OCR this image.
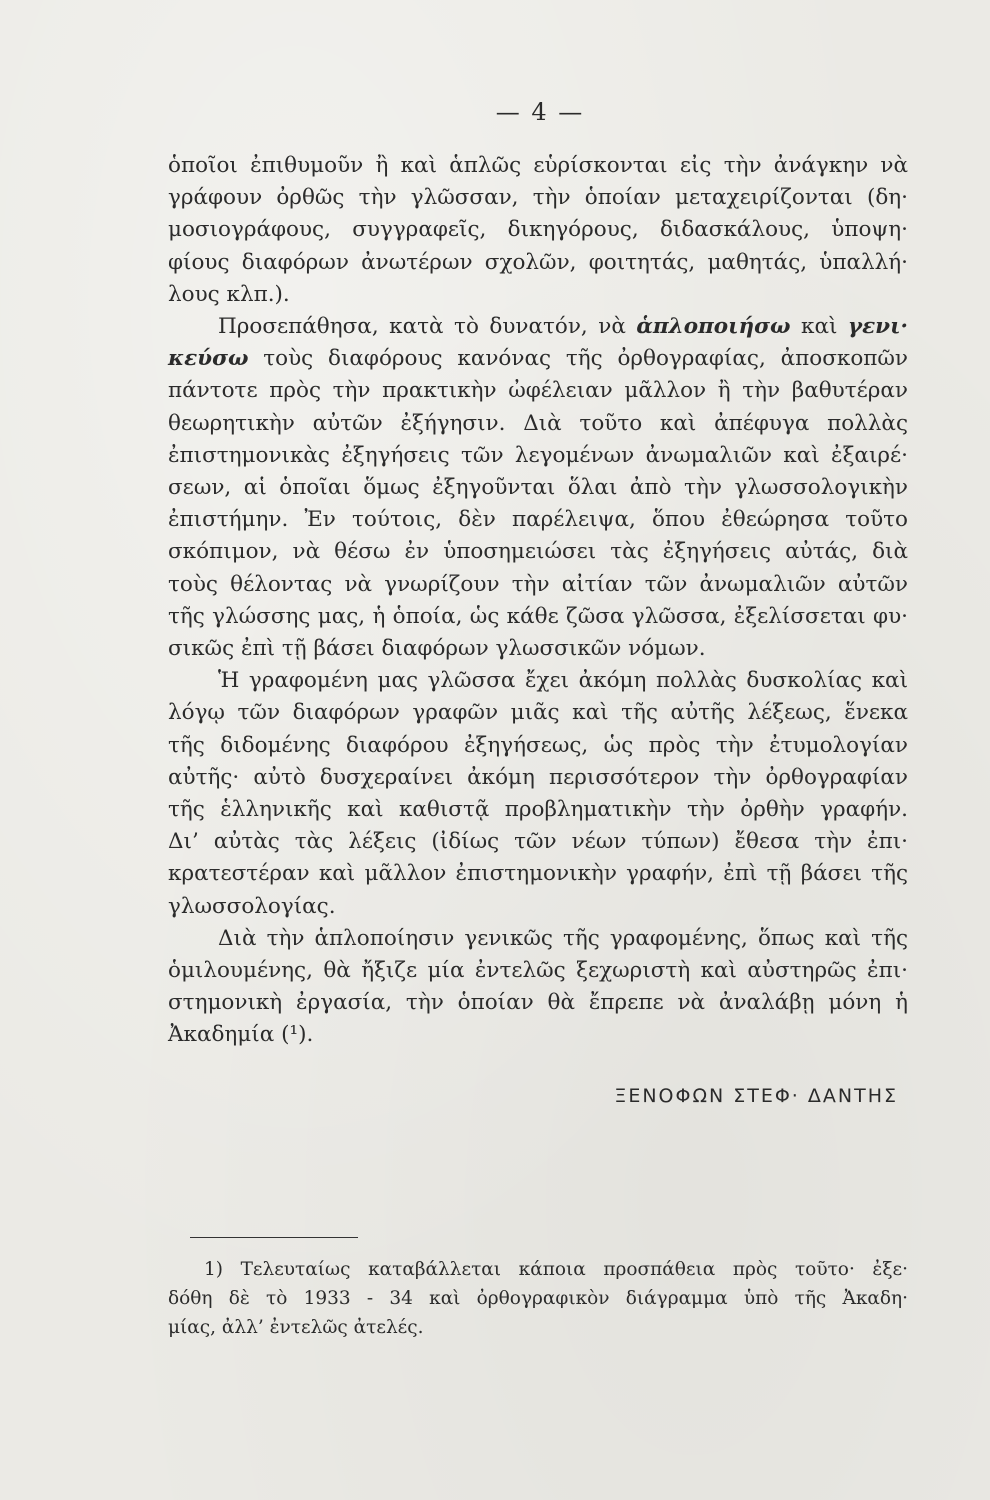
— 4 —

ὁποῖοι ἐπιθυμοῦν ἢ καὶ ἁπλῶς εὑρίσκονται εἰς τὴν ἀνάγκην νὰ
γράφουν ὀρθῶς τὴν γλῶσσαν, τὴν ὁποίαν μεταχειρίζονται (δη·
μοσιογράφους, συγγραφεῖς, δικηγόρους, διδασκάλους, ὑποψη·
φίους διαφόρων ἀνωτέρων σχολῶν, φοιτητάς, μαθητάς, ὑπαλλή·
λους κλπ.).

Προσεπάθησα, κατὰ τὸ δυνατόν, νὰ ἁπλοποιήσω καὶ γενι·
κεύσω τοὺς διαφόρους κανόνας τῆς ὀρθογραφίας, ἀποσκοπῶν
πάντοτε πρὸς τὴν πρακτικὴν ὠφέλειαν μᾶλλον ἢ τὴν βαθυτέραν
θεωρητικὴν αὐτῶν ἐξήγησιν. Διὰ τοῦτο καὶ ἀπέφυγα πολλὰς
ἐπιστημονικὰς ἐξηγήσεις τῶν λεγομένων ἀνωμαλιῶν καὶ ἐξαιρέ·
σεων, αἱ ὁποῖαι ὅμως ἐξηγοῦνται ὅλαι ἀπὸ τὴν γλωσσολογικὴν
ἐπιστήμην. Ἐν τούτοις, δὲν παρέλειψα, ὅπου ἐθεώρησα τοῦτο
σκόπιμον, νὰ θέσω ἐν ὑποσημειώσει τὰς ἐξηγήσεις αὐτάς, διὰ
τοὺς θέλοντας νὰ γνωρίζουν τὴν αἰτίαν τῶν ἀνωμαλιῶν αὐτῶν
τῆς γλώσσης μας, ἡ ὁποία, ὡς κάθε ζῶσα γλῶσσα, ἐξελίσσεται φυ·
σικῶς ἐπὶ τῇ βάσει διαφόρων γλωσσικῶν νόμων.

Ἡ γραφομένη μας γλῶσσα ἔχει ἀκόμη πολλὰς δυσκολίας καὶ
λόγῳ τῶν διαφόρων γραφῶν μιᾶς καὶ τῆς αὐτῆς λέξεως, ἕνεκα
τῆς διδομένης διαφόρου ἐξηγήσεως, ὡς πρὸς τὴν ἐτυμολογίαν
αὐτῆς· αὐτὸ δυσχεραίνει ἀκόμη περισσότερον τὴν ὀρθογραφίαν
τῆς ἑλληνικῆς καὶ καθιστᾷ προβληματικὴν τὴν ὀρθὴν γραφήν.
Δι’ αὐτὰς τὰς λέξεις (ἰδίως τῶν νέων τύπων) ἔθεσα τὴν ἐπι·
κρατεστέραν καὶ μᾶλλον ἐπιστημονικὴν γραφήν, ἐπὶ τῇ βάσει τῆς
γλωσσολογίας.

Διὰ τὴν ἁπλοποίησιν γενικῶς τῆς γραφομένης, ὅπως καὶ τῆς
ὁμιλουμένης, θὰ ἤξιζε μία ἐντελῶς ξεχωριστὴ καὶ αὐστηρῶς ἐπι·
στημονικὴ ἐργασία, τὴν ὁποίαν θὰ ἔπρεπε νὰ ἀναλάβῃ μόνη ἡ
Ἀκαδημία (¹).

ΞΕΝΟΦΩΝ ΣΤΕΦ· ΔΑΝΤΗΣ
1) Τελευταίως καταβάλλεται κάποια προσπάθεια πρὸς τοῦτο· ἐξε·
δόθη δὲ τὸ 1933 - 34 καὶ ὀρθογραφικὸν διάγραμμα ὑπὸ τῆς Ἀκαδη·
μίας, ἀλλ’ ἐντελῶς ἀτελές.
